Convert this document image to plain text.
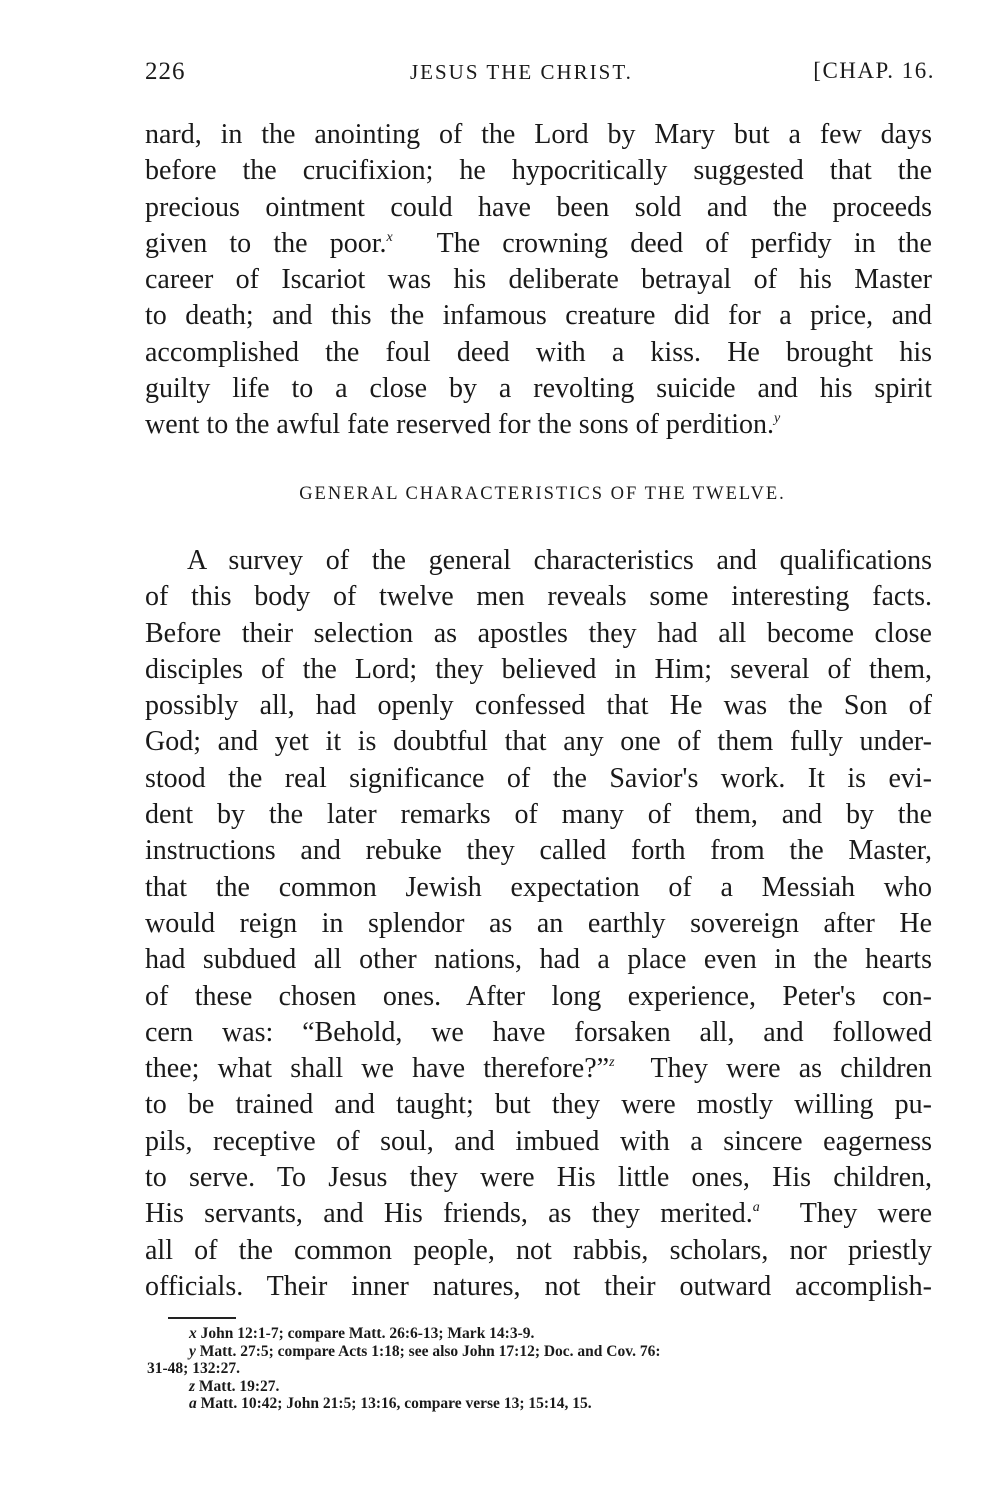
226	JESUS THE CHRIST.	[CHAP. 16.
nard, in the anointing of the Lord by Mary but a few days
before the crucifixion; he hypocritically suggested that the
precious ointment could have been sold and the proceeds
given to the poor.$^x$ The crowning deed of perfidy in the
career of Iscariot was his deliberate betrayal of his Master
to death; and this the infamous creature did for a price, and
accomplished the foul deed with a kiss. He brought his
guilty life to a close by a revolting suicide and his spirit
went to the awful fate reserved for the sons of perdition.$^y$
GENERAL CHARACTERISTICS OF THE TWELVE.
A survey of the general characteristics and qualifications
of this body of twelve men reveals some interesting facts.
Before their selection as apostles they had all become close
disciples of the Lord; they believed in Him; several of them,
possibly all, had openly confessed that He was the Son of
God; and yet it is doubtful that any one of them fully under-
stood the real significance of the Savior's work. It is evi-
dent by the later remarks of many of them, and by the
instructions and rebuke they called forth from the Master,
that the common Jewish expectation of a Messiah who
would reign in splendor as an earthly sovereign after He
had subdued all other nations, had a place even in the hearts
of these chosen ones. After long experience, Peter's con-
cern was: “Behold, we have forsaken all, and followed
thee; what shall we have therefore?”$^z$ They were as children
to be trained and taught; but they were mostly willing pu-
pils, receptive of soul, and imbued with a sincere eagerness
to serve. To Jesus they were His little ones, His children,
His servants, and His friends, as they merited.$^a$ They were
all of the common people, not rabbis, scholars, nor priestly
officials. Their inner natures, not their outward accomplish-
x John 12:1-7; compare Matt. 26:6-13; Mark 14:3-9.
y Matt. 27:5; compare Acts 1:18; see also John 17:12; Doc. and Cov. 76:
31-48; 132:27.
z Matt. 19:27.
a Matt. 10:42; John 21:5; 13:16, compare verse 13; 15:14, 15.
